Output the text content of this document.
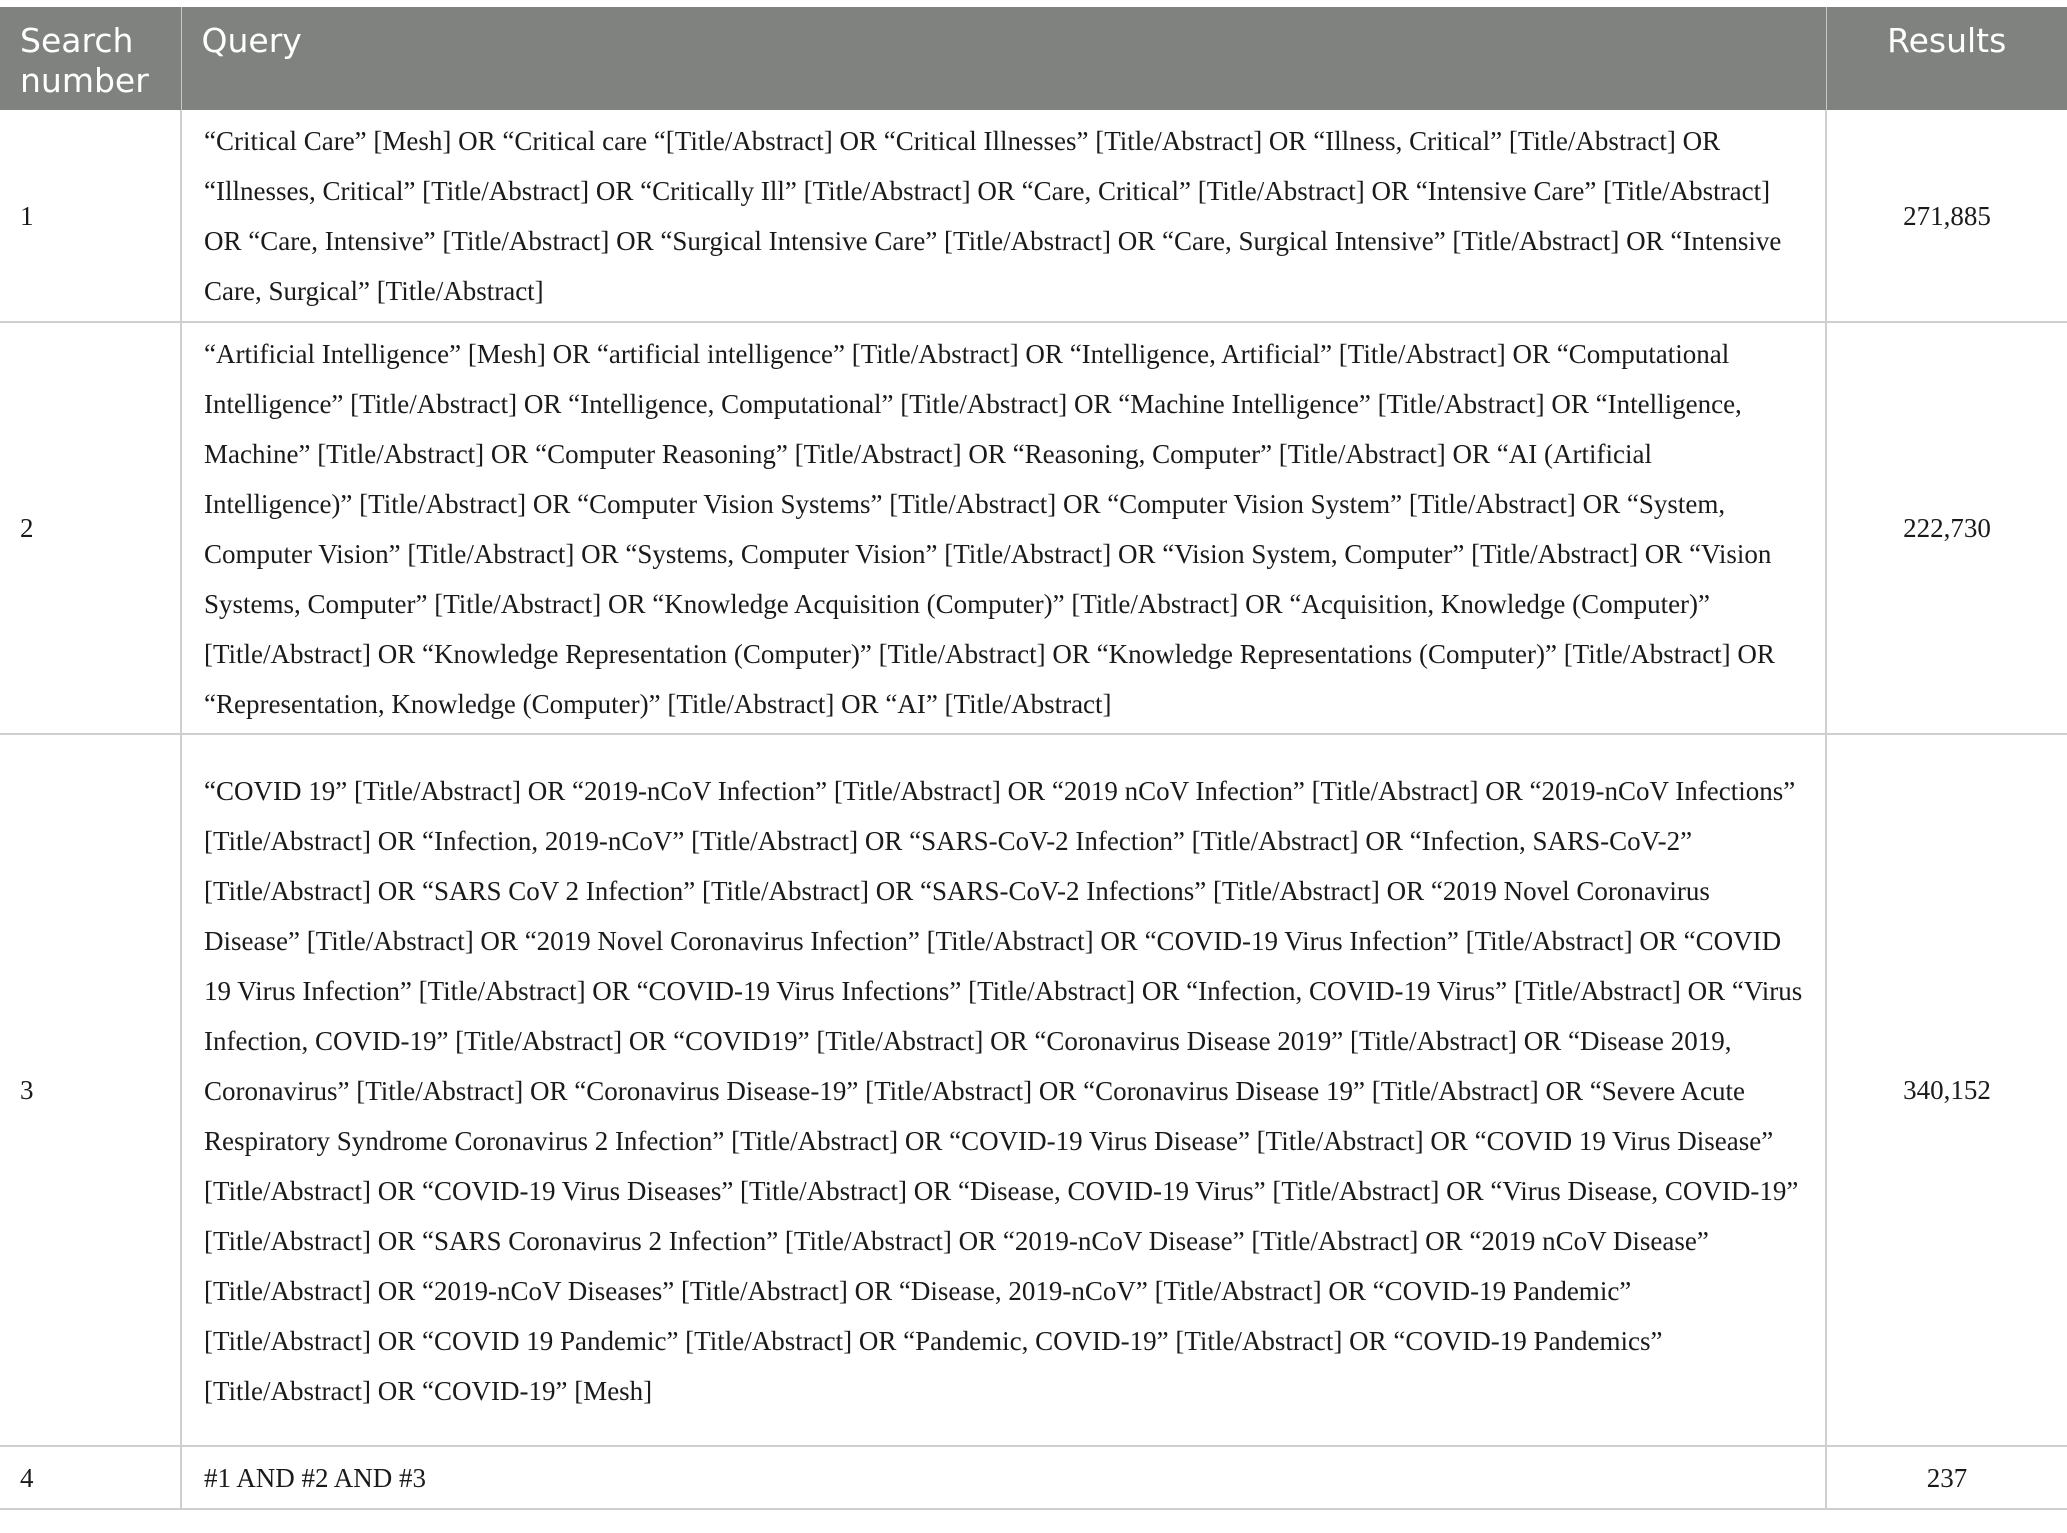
Search number	Query	Results
1	“Critical Care” [Mesh] OR “Critical care “[Title/Abstract] OR “Critical Illnesses” [Title/Abstract] OR “Illness, Critical” [Title/Abstract] OR “Illnesses, Critical” [Title/Abstract] OR “Critically Ill” [Title/Abstract] OR “Care, Critical” [Title/Abstract] OR “Intensive Care” [Title/Abstract] OR “Care, Intensive” [Title/Abstract] OR “Surgical Intensive Care” [Title/Abstract] OR “Care, Surgical Intensive” [Title/Abstract] OR “Intensive Care, Surgical” [Title/Abstract]	271,885
2	“Artificial Intelligence” [Mesh] OR “artificial intelligence” [Title/Abstract] OR “Intelligence, Artificial” [Title/Abstract] OR “Computational Intelligence” [Title/Abstract] OR “Intelligence, Computational” [Title/Abstract] OR “Machine Intelligence” [Title/Abstract] OR “Intelligence, Machine” [Title/Abstract] OR “Computer Reasoning” [Title/Abstract] OR “Reasoning, Computer” [Title/Abstract] OR “AI (Artificial Intelligence)” [Title/Abstract] OR “Computer Vision Systems” [Title/Abstract] OR “Computer Vision System” [Title/Abstract] OR “System, Computer Vision” [Title/Abstract] OR “Systems, Computer Vision” [Title/Abstract] OR “Vision System, Computer” [Title/Abstract] OR “Vision Systems, Computer” [Title/Abstract] OR “Knowledge Acquisition (Computer)” [Title/Abstract] OR “Acquisition, Knowledge (Computer)” [Title/Abstract] OR “Knowledge Representation (Computer)” [Title/Abstract] OR “Knowledge Representations (Computer)” [Title/Abstract] OR “Representation, Knowledge (Computer)” [Title/Abstract] OR “AI” [Title/Abstract]	222,730
3	“COVID 19” [Title/Abstract] OR “2019-nCoV Infection” [Title/Abstract] OR “2019 nCoV Infection” [Title/Abstract] OR “2019-nCoV Infections” [Title/Abstract] OR “Infection, 2019-nCoV” [Title/Abstract] OR “SARS-CoV-2 Infection” [Title/Abstract] OR “Infection, SARS-CoV-2” [Title/Abstract] OR “SARS CoV 2 Infection” [Title/Abstract] OR “SARS-CoV-2 Infections” [Title/Abstract] OR “2019 Novel Coronavirus Disease” [Title/Abstract] OR “2019 Novel Coronavirus Infection” [Title/Abstract] OR “COVID-19 Virus Infection” [Title/Abstract] OR “COVID 19 Virus Infection” [Title/Abstract] OR “COVID-19 Virus Infections” [Title/Abstract] OR “Infection, COVID-19 Virus” [Title/Abstract] OR “Virus Infection, COVID-19” [Title/Abstract] OR “COVID19” [Title/Abstract] OR “Coronavirus Disease 2019” [Title/Abstract] OR “Disease 2019, Coronavirus” [Title/Abstract] OR “Coronavirus Disease-19” [Title/Abstract] OR “Coronavirus Disease 19” [Title/Abstract] OR “Severe Acute Respiratory Syndrome Coronavirus 2 Infection” [Title/Abstract] OR “COVID-19 Virus Disease” [Title/Abstract] OR “COVID 19 Virus Disease” [Title/Abstract] OR “COVID-19 Virus Diseases” [Title/Abstract] OR “Disease, COVID-19 Virus” [Title/Abstract] OR “Virus Disease, COVID-19” [Title/Abstract] OR “SARS Coronavirus 2 Infection” [Title/Abstract] OR “2019-nCoV Disease” [Title/Abstract] OR “2019 nCoV Disease” [Title/Abstract] OR “2019-nCoV Diseases” [Title/Abstract] OR “Disease, 2019-nCoV” [Title/Abstract] OR “COVID-19 Pandemic” [Title/Abstract] OR “COVID 19 Pandemic” [Title/Abstract] OR “Pandemic, COVID-19” [Title/Abstract] OR “COVID-19 Pandemics” [Title/Abstract] OR “COVID-19” [Mesh]	340,152
4	#1 AND #2 AND #3	237
